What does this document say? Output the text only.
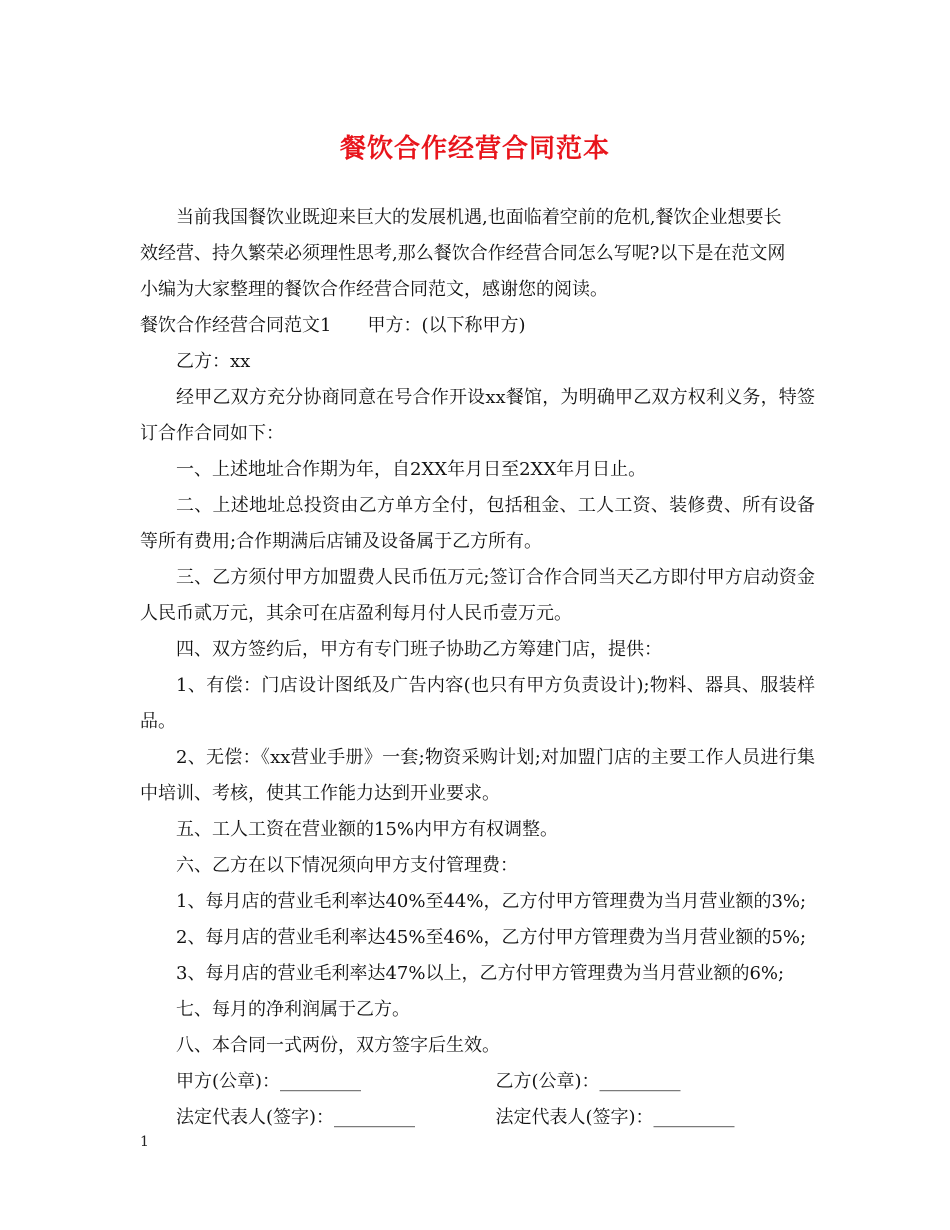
餐饮合作经营合同范本
当前我国餐饮业既迎来巨大的发展机遇,也面临着空前的危机,餐饮企业想要长
效经营、持久繁荣必须理性思考,那么餐饮合作经营合同怎么写呢?以下是在范文网
小编为大家整理的餐饮合作经营合同范文，感谢您的阅读。
餐饮合作经营合同范文1　　甲方：(以下称甲方)
乙方：xx
经甲乙双方充分协商同意在号合作开设xx餐馆，为明确甲乙双方权利义务，特签订合作合同如下：
一、上述地址合作期为年，自2XX年月日至2XX年月日止。
二、上述地址总投资由乙方单方全付，包括租金、工人工资、装修费、所有设备等所有费用;合作期满后店铺及设备属于乙方所有。
三、乙方须付甲方加盟费人民币伍万元;签订合作合同当天乙方即付甲方启动资金人民币贰万元，其余可在店盈利每月付人民币壹万元。
四、双方签约后，甲方有专门班子协助乙方筹建门店，提供：
1、有偿：门店设计图纸及广告内容(也只有甲方负责设计);物料、器具、服装样品。
2、无偿：《xx营业手册》一套;物资采购计划;对加盟门店的主要工作人员进行集中培训、考核，使其工作能力达到开业要求。
五、工人工资在营业额的15%内甲方有权调整。
六、乙方在以下情况须向甲方支付管理费：
1、每月店的营业毛利率达40%至44%，乙方付甲方管理费为当月营业额的3%;
2、每月店的营业毛利率达45%至46%，乙方付甲方管理费为当月营业额的5%;
3、每月店的营业毛利率达47%以上，乙方付甲方管理费为当月营业额的6%;
七、每月的净利润属于乙方。
八、本合同一式两份，双方签字后生效。
甲方(公章)：_________	乙方(公章)：_________
法定代表人(签字)：_________	法定代表人(签字)：_________
1
